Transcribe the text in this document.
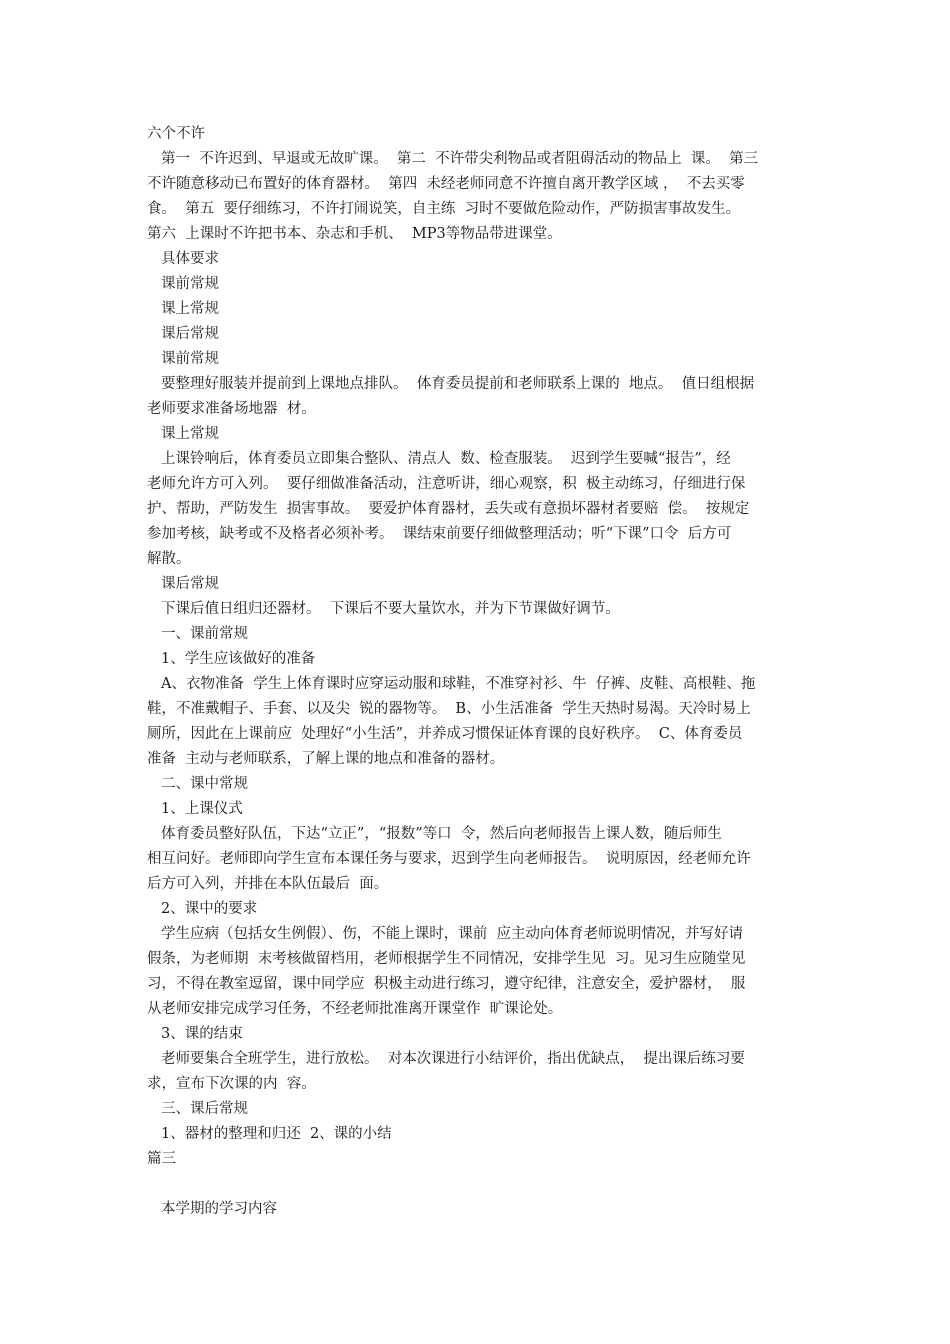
六个不许
第一  不许迟到、早退或无故旷课。  第二  不许带尖利物品或者阻碍活动的物品上  课。  第三
不许随意移动已布置好的体育器材。  第四  未经老师同意不许擅自离开教学区域 ，  不去买零
食。  第五  要仔细练习，不许打闹说笑，自主练  习时不要做危险动作，严防损害事故发生。
第六  上课时不许把书本、杂志和手机、  MP3等物品带进课堂。
具体要求
课前常规
课上常规
课后常规
课前常规
要整理好服装并提前到上课地点排队。  体育委员提前和老师联系上课的  地点。  值日组根据
老师要求准备场地器  材。
课上常规
上课铃响后，体育委员立即集合整队、清点人  数、检查服装。  迟到学生要喊“报告”，经
老师允许方可入列。  要仔细做准备活动，注意听讲，细心观察，积  极主动练习，仔细进行保
护、帮助，严防发生  损害事故。  要爱护体育器材，丢失或有意损坏器材者要赔  偿。  按规定
参加考核，缺考或不及格者必须补考。  课结束前要仔细做整理活动；听“下课”口令  后方可
解散。
课后常规
下课后值日组归还器材。  下课后不要大量饮水，并为下节课做好调节。
一、课前常规
1、学生应该做好的准备
A、衣物准备  学生上体育课时应穿运动服和球鞋，不准穿衬衫、牛  仔裤、皮鞋、高根鞋、拖
鞋，不准戴帽子、手套、以及尖  锐的器物等。  B、小生活准备  学生天热时易渴。天冷时易上
厕所，因此在上课前应  处理好“小生活”，并养成习惯保证体育课的良好秩序。  C、体育委员
准备  主动与老师联系，了解上课的地点和准备的器材。
二、课中常规
1、上课仪式
体育委员整好队伍，下达“立正”，“报数”等口  令，然后向老师报告上课人数，随后师生
相互问好。老师即向学生宣布本课任务与要求，迟到学生向老师报告。  说明原因，经老师允许
后方可入列，并排在本队伍最后  面。
2、课中的要求
学生应病（包括女生例假）、伤，不能上课时，课前  应主动向体育老师说明情况，并写好请
假条，为老师期  末考核做留档用，老师根据学生不同情况，安排学生见  习。见习生应随堂见
习，不得在教室逗留，课中同学应  积极主动进行练习，遵守纪律，注意安全，爱护器材，  服
从老师安排完成学习任务，不经老师批准离开课堂作  旷课论处。
3、课的结束
老师要集合全班学生，进行放松。  对本次课进行小结评价，指出优缺点，  提出课后练习要
求，宣布下次课的内  容。
三、课后常规
1、器材的整理和归还  2、课的小结
篇三
本学期的学习内容
